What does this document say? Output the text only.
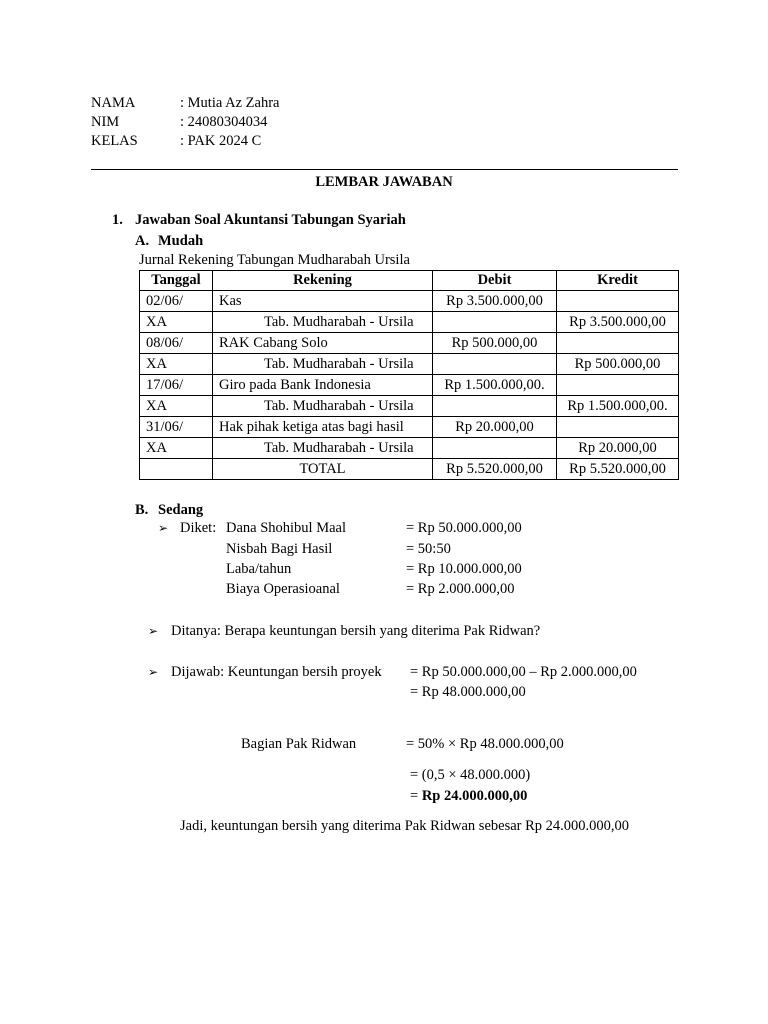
NAMA	: Mutia Az Zahra
NIM	: 24080304034
KELAS	: PAK 2024 C
LEMBAR JAWABAN
1. Jawaban Soal Akuntansi Tabungan Syariah
A. Mudah
Jurnal Rekening Tabungan Mudharabah Ursila
Tanggal	Rekening	Debit	Kredit
02/06/	Kas	Rp 3.500.000,00	
XA	Tab. Mudharabah - Ursila		Rp 3.500.000,00
08/06/	RAK Cabang Solo	Rp 500.000,00	
XA	Tab. Mudharabah - Ursila		Rp 500.000,00
17/06/	Giro pada Bank Indonesia	Rp 1.500.000,00.	
XA	Tab. Mudharabah - Ursila		Rp 1.500.000,00.
31/06/	Hak pihak ketiga atas bagi hasil	Rp 20.000,00	
XA	Tab. Mudharabah - Ursila		Rp 20.000,00
	TOTAL	Rp 5.520.000,00	Rp 5.520.000,00
B. Sedang
➢ Diket: Dana Shohibul Maal	= Rp 50.000.000,00
Nisbah Bagi Hasil	= 50:50
Laba/tahun	= Rp 10.000.000,00
Biaya Operasioanal	= Rp 2.000.000,00
➢ Ditanya: Berapa keuntungan bersih yang diterima Pak Ridwan?
➢ Dijawab: Keuntungan bersih proyek = Rp 50.000.000,00 – Rp 2.000.000,00
= Rp 48.000.000,00
Bagian Pak Ridwan	= 50% × Rp 48.000.000,00
= (0,5 × 48.000.000)
= Rp 24.000.000,00
Jadi, keuntungan bersih yang diterima Pak Ridwan sebesar Rp 24.000.000,00
